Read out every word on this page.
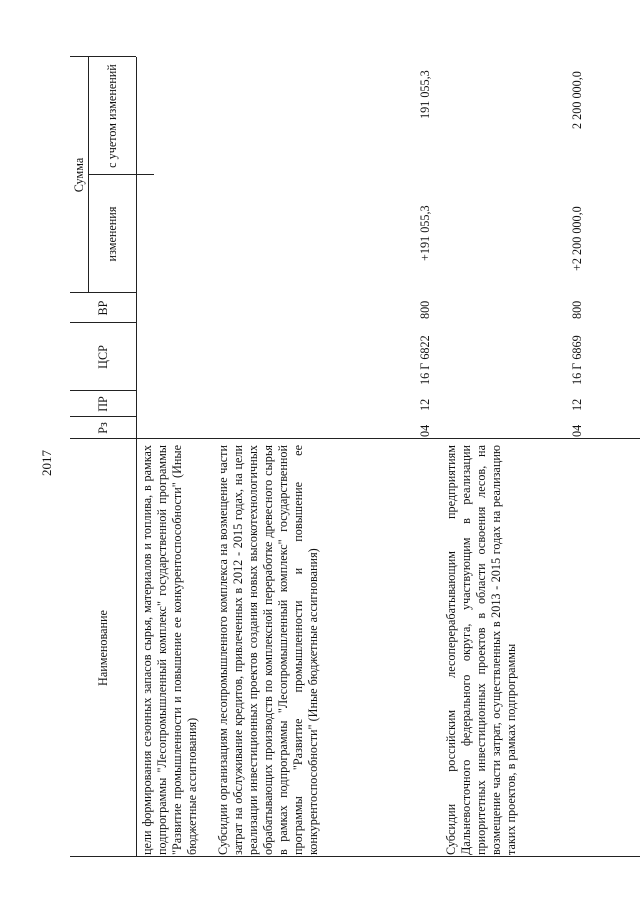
2017
Наименование
Рз
ПР
ЦСР
ВР
Сумма
изменения
с учетом изменений
цели формирования сезонных запасов сырья, материалов и топлива, в рамках подпрограммы "Лесопромышленный комплекс" государственной программы "Развитие промышленности и повышение ее конкурентоспособности" (Иные бюджетные ассигнования) Субсидии организациям лесопромышленного комплекса на возмещение части затрат на обслуживание кредитов, привлеченных в 2012 - 2015 годах, на цели реализации инвестиционных проектов создания новых высокотехнологичных обрабатывающих производств по комплексной переработке древесного сырья в рамках подпрограммы "Лесопромышленный комплекс" государственной программы "Развитие промышленности и повышение ее конкурентоспособности" (Иные бюджетные ассигнования)
04
12
16 Г 6822
800
+191 055,3
191 055,3
Субсидии российским лесоперерабатывающим предприятиям Дальневосточного федерального округа, участвующим в реализации приоритетных инвестиционных проектов в области освоения лесов, на возмещение части затрат, осуществленных в 2013 - 2015 годах на реализацию таких проектов, в рамках подпрограммы
04
12
16 Г 6869
800
+2 200 000,0
2 200 000,0
